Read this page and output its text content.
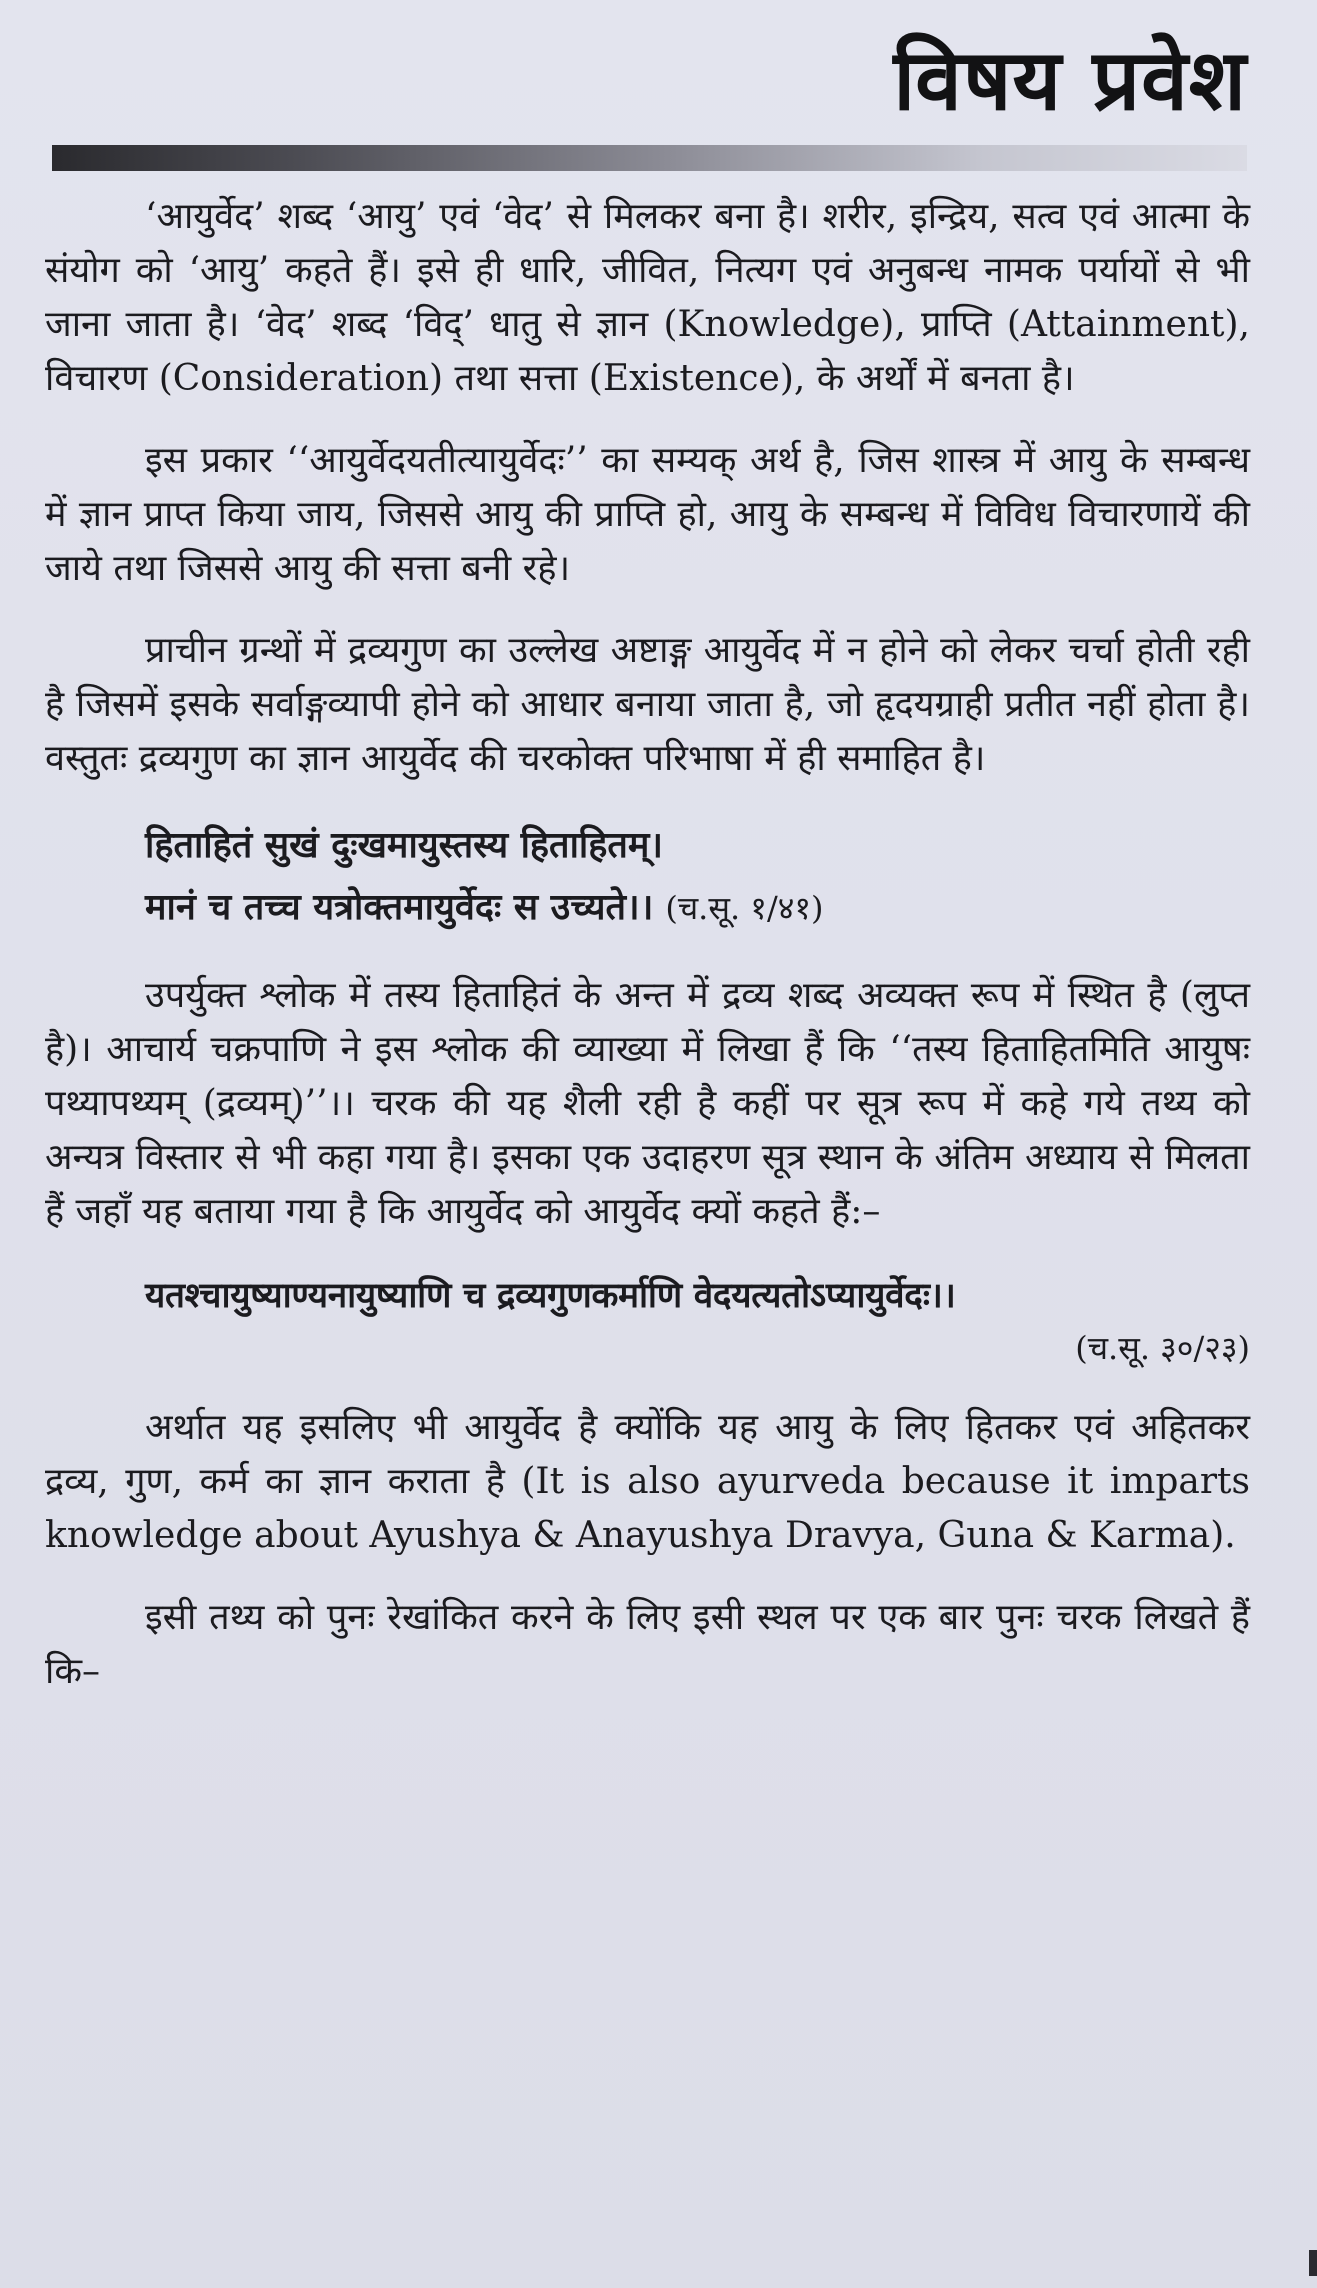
विषय प्रवेश

‘आयुर्वेद’ शब्द ‘आयु’ एवं ‘वेद’ से मिलकर बना है। शरीर, इन्द्रिय, सत्व एवं आत्मा के संयोग को ‘आयु’ कहते हैं। इसे ही धारि, जीवित, नित्यग एवं अनुबन्ध नामक पर्यायों से भी जाना जाता है। ‘वेद’ शब्द ‘विद्’ धातु से ज्ञान (Knowledge), प्राप्ति (Attainment), विचारण (Consideration) तथा सत्ता (Existence), के अर्थों में बनता है।

इस प्रकार ‘‘आयुर्वेदयतीत्यायुर्वेदः’’ का सम्यक् अर्थ है, जिस शास्त्र में आयु के सम्बन्ध में ज्ञान प्राप्त किया जाय, जिससे आयु की प्राप्ति हो, आयु के सम्बन्ध में विविध विचारणायें की जाये तथा जिससे आयु की सत्ता बनी रहे।

प्राचीन ग्रन्थों में द्रव्यगुण का उल्लेख अष्टाङ्ग आयुर्वेद में न होने को लेकर चर्चा होती रही है जिसमें इसके सर्वाङ्गव्यापी होने को आधार बनाया जाता है, जो हृदयग्राही प्रतीत नहीं होता है। वस्तुतः द्रव्यगुण का ज्ञान आयुर्वेद की चरकोक्त परिभाषा में ही समाहित है।

हिताहितं सुखं दुःखमायुस्तस्य हिताहितम्।
मानं च तच्च यत्रोक्तमायुर्वेदः स उच्यते।। (च.सू. १/४१)

उपर्युक्त श्लोक में तस्य हिताहितं के अन्त में द्रव्य शब्द अव्यक्त रूप में स्थित है (लुप्त है)। आचार्य चक्रपाणि ने इस श्लोक की व्याख्या में लिखा हैं कि ‘‘तस्य हिताहितमिति आयुषः पथ्यापथ्यम् (द्रव्यम्)’’।। चरक की यह शैली रही है कहीं पर सूत्र रूप में कहे गये तथ्य को अन्यत्र विस्तार से भी कहा गया है। इसका एक उदाहरण सूत्र स्थान के अंतिम अध्याय से मिलता हैं जहाँ यह बताया गया है कि आयुर्वेद को आयुर्वेद क्यों कहते हैं:–

यतश्चायुष्याण्यनायुष्याणि च द्रव्यगुणकर्माणि वेदयत्यतोऽप्यायुर्वेदः।।
(च.सू. ३०/२३)

अर्थात यह इसलिए भी आयुर्वेद है क्योंकि यह आयु के लिए हितकर एवं अहितकर द्रव्य, गुण, कर्म का ज्ञान कराता है (It is also ayurveda because it imparts knowledge about Ayushya & Anayushya Dravya, Guna & Karma).

इसी तथ्य को पुनः रेखांकित करने के लिए इसी स्थल पर एक बार पुनः चरक लिखते हैं कि–
